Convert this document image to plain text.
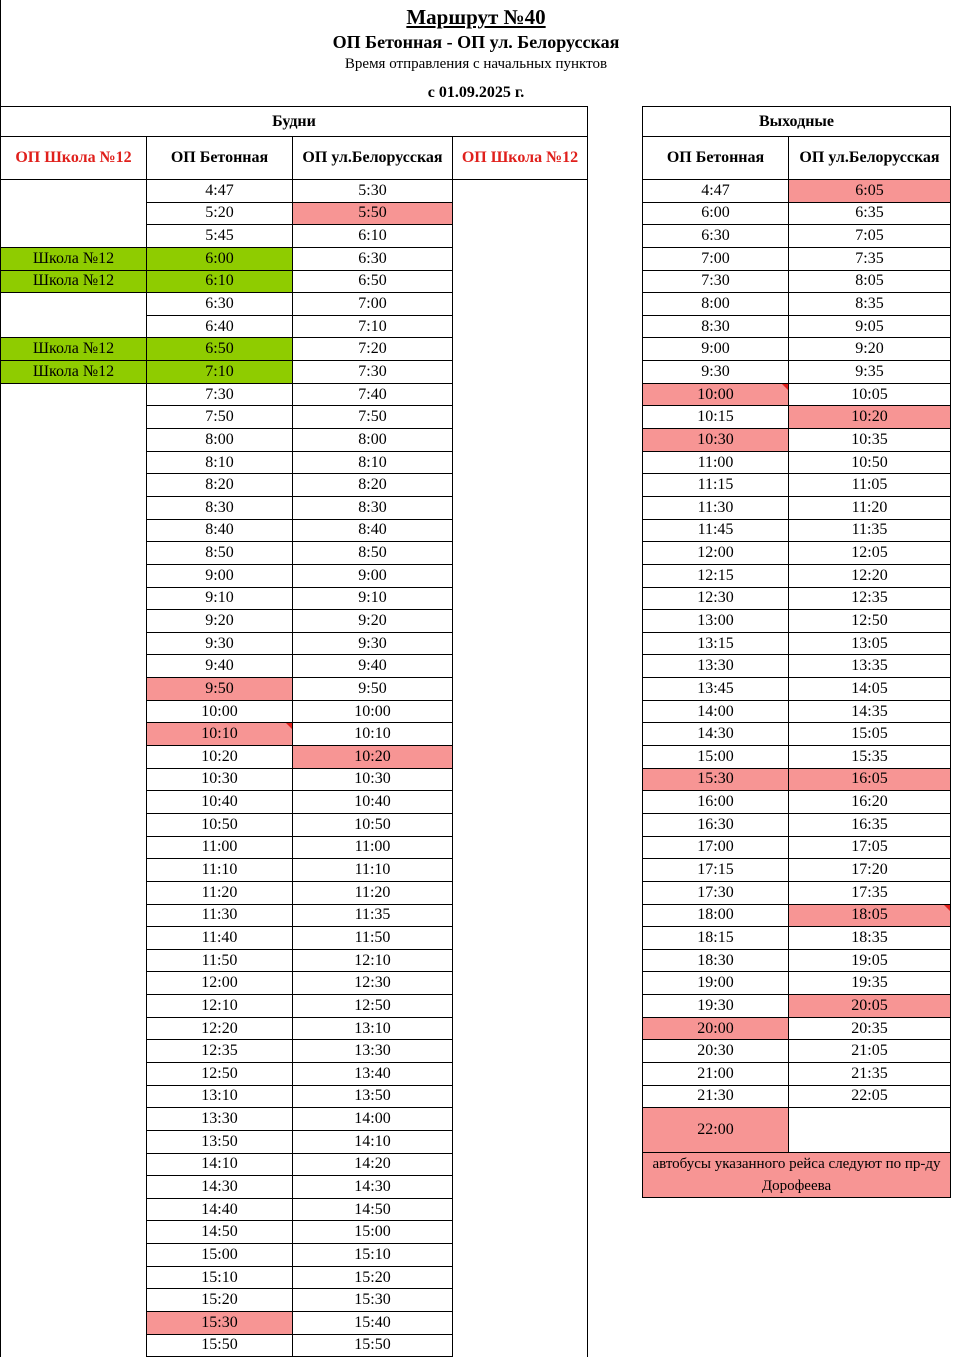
Маршрут №40
ОП Бетонная - ОП ул. Белорусская
Время отправления с начальных пунктов
с 01.09.2025 г.
Будни			
ОП Школа №12	ОП Бетонная	ОП ул.Белорусская	ОП Школа №12
	4:47	5:30	
	5:20	5:50	
	5:45	6:10	
Школа №12	6:00	6:30	
Школа №12	6:10	6:50	
	6:30	7:00	
	6:40	7:10	
Школа №12	6:50	7:20	
Школа №12	7:10	7:30	
	7:30	7:40	
	7:50	7:50	
	8:00	8:00	
	8:10	8:10	
	8:20	8:20	
	8:30	8:30	
	8:40	8:40	
	8:50	8:50	
	9:00	9:00	
	9:10	9:10	
	9:20	9:20	
	9:30	9:30	
	9:40	9:40	
	9:50	9:50	
	10:00	10:00	
	10:10	10:10	
	10:20	10:20	
	10:30	10:30	
	10:40	10:40	
	10:50	10:50	
	11:00	11:00	
	11:10	11:10	
	11:20	11:20	
	11:30	11:35	
	11:40	11:50	
	11:50	12:10	
	12:00	12:30	
	12:10	12:50	
	12:20	13:10	
	12:35	13:30	
	12:50	13:40	
	13:10	13:50	
	13:30	14:00	
	13:50	14:10	
	14:10	14:20	
	14:30	14:30	
	14:40	14:50	
	14:50	15:00	
	15:00	15:10	
	15:10	15:20	
	15:20	15:30	
	15:30	15:40	
	15:50	15:50	
Выходные	
ОП Бетонная	ОП ул.Белорусская
4:47	6:05
6:00	6:35
6:30	7:05
7:00	7:35
7:30	8:05
8:00	8:35
8:30	9:05
9:00	9:20
9:30	9:35
10:00	10:05
10:15	10:20
10:30	10:35
11:00	10:50
11:15	11:05
11:30	11:20
11:45	11:35
12:00	12:05
12:15	12:20
12:30	12:35
13:00	12:50
13:15	13:05
13:30	13:35
13:45	14:05
14:00	14:35
14:30	15:05
15:00	15:35
15:30	16:05
16:00	16:20
16:30	16:35
17:00	17:05
17:15	17:20
17:30	17:35
18:00	18:05
18:15	18:35
18:30	19:05
19:00	19:35
19:30	20:05
20:00	20:35
20:30	21:05
21:00	21:35
21:30	22:05
22:00	
автобусы указанного рейса следуют по пр-ду Дорофеева	
